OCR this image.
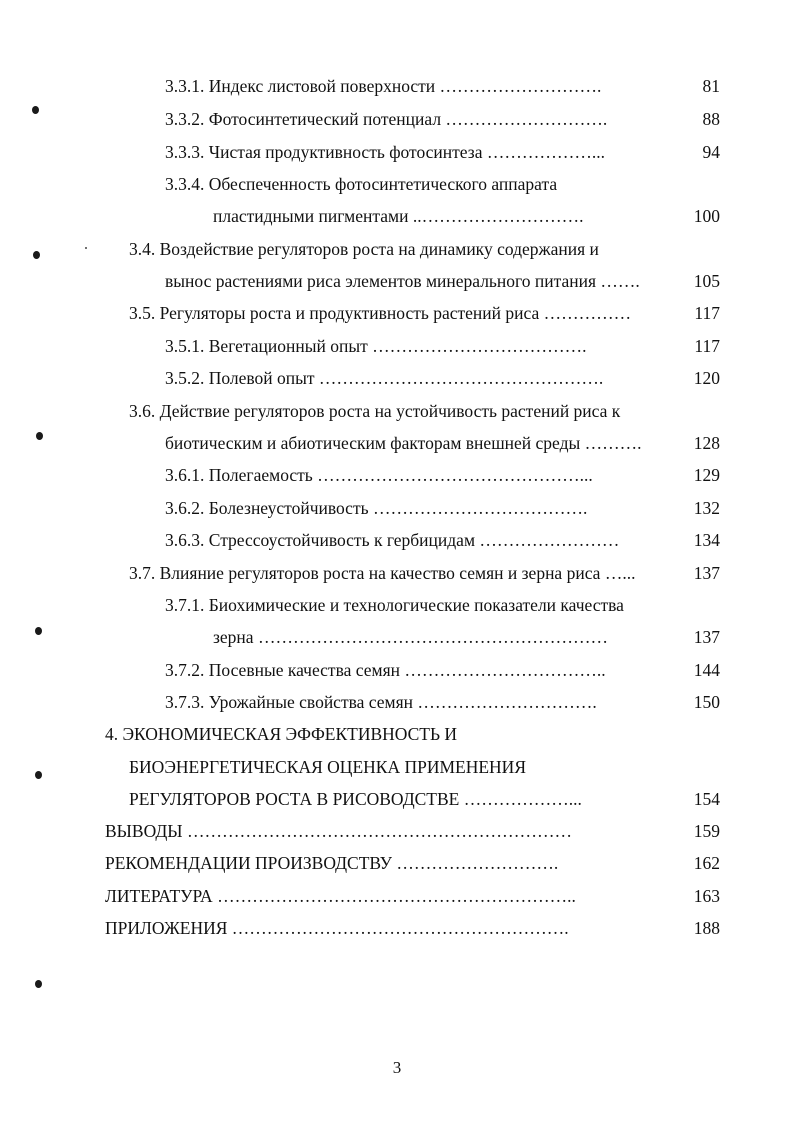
3.3.1. Индекс листовой поверхности ……………………….	81
3.3.2. Фотосинтетический потенциал ……………………….	88
3.3.3. Чистая продуктивность фотосинтеза ………………...	94
3.3.4. Обеспеченность фотосинтетического аппарата
пластидными пигментами ..……………………….	100
3.4. Воздействие регуляторов роста на динамику содержания и
вынос растениями риса элементов минерального питания …….	105
3.5. Регуляторы роста и продуктивность растений риса ……………	117
3.5.1. Вегетационный опыт ……………………………….	117
3.5.2. Полевой опыт ………………………………………….	120
3.6. Действие регуляторов роста на устойчивость растений риса к
биотическим и абиотическим факторам внешней среды ……….	128
3.6.1. Полегаемость ………………………………………...	129
3.6.2. Болезнеустойчивость ……………………………….	132
3.6.3. Стрессоустойчивость к гербицидам ……………………	134
3.7. Влияние регуляторов роста на качество семян и зерна риса …...	137
3.7.1. Биохимические и технологические показатели качества
зерна ……………………………………………………	137
3.7.2. Посевные качества семян ……………………………..	144
3.7.3. Урожайные свойства семян ………………………….	150
4. ЭКОНОМИЧЕСКАЯ ЭФФЕКТИВНОСТЬ И
БИОЭНЕРГЕТИЧЕСКАЯ ОЦЕНКА ПРИМЕНЕНИЯ
РЕГУЛЯТОРОВ РОСТА В РИСОВОДСТВЕ ………………...	154
ВЫВОДЫ …………………………………………………………	159
РЕКОМЕНДАЦИИ ПРОИЗВОДСТВУ ……………………….	162
ЛИТЕРАТУРА ……………………………………………………..	163
ПРИЛОЖЕНИЯ ………………………………………………….	188
3
